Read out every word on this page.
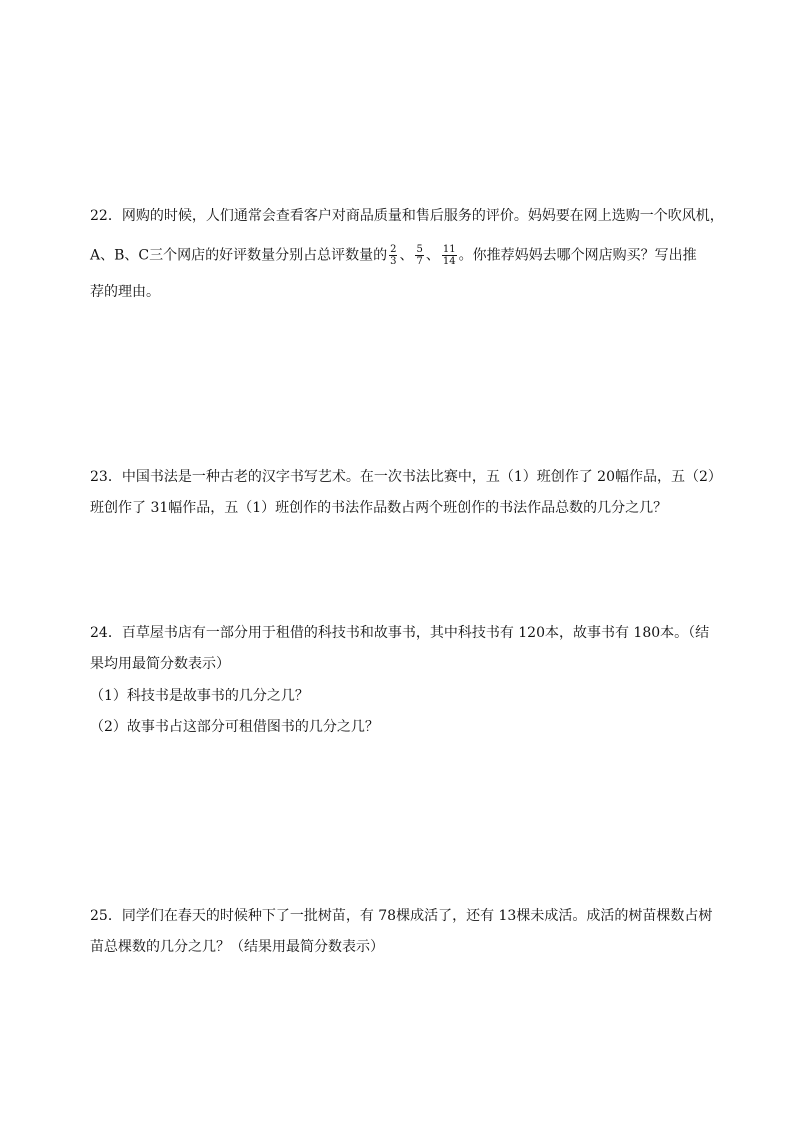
22．网购的时候，人们通常会查看客户对商品质量和售后服务的评价。妈妈要在网上选购一个吹风机，
A、B、C三个网店的好评数量分别占总评数量的 $\frac{2}{3}$ 、 $\frac{5}{7}$ 、 $\frac{11}{14}$ 。你推荐妈妈去哪个网店购买？写出推
荐的理由。
23．中国书法是一种古老的汉字书写艺术。在一次书法比赛中，五（1）班创作了 20幅作品，五（2）
班创作了 31幅作品，五（1）班创作的书法作品数占两个班创作的书法作品总数的几分之几？
24．百草屋书店有一部分用于租借的科技书和故事书，其中科技书有 120本，故事书有 180本。（结
果均用最简分数表示）
（1）科技书是故事书的几分之几？
（2）故事书占这部分可租借图书的几分之几？
25．同学们在春天的时候种下了一批树苗，有 78棵成活了，还有 13棵未成活。成活的树苗棵数占树
苗总棵数的几分之几？（结果用最简分数表示）
